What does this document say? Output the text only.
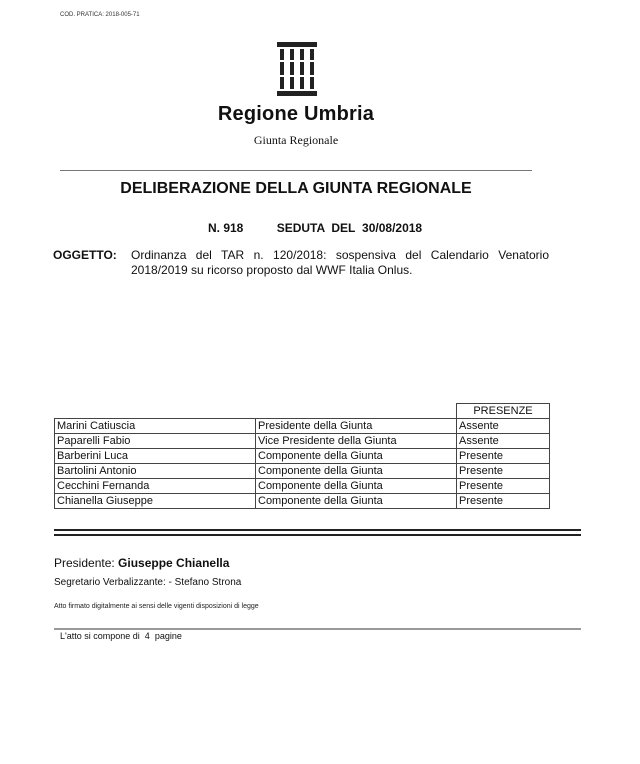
COD. PRATICA: 2018-005-71
Regione Umbria
Giunta Regionale
DELIBERAZIONE DELLA GIUNTA REGIONALE
N. 918	SEDUTA  DEL 30/08/2018
OGGETTO: Ordinanza del TAR n. 120/2018: sospensiva del Calendario Venatorio
2018/2019 su ricorso proposto dal WWF Italia Onlus.
		PRESENZE
Marini Catiuscia	Presidente della Giunta	Assente
Paparelli Fabio	Vice Presidente della Giunta	Assente
Barberini Luca	Componente della Giunta	Presente
Bartolini Antonio	Componente della Giunta	Presente
Cecchini Fernanda	Componente della Giunta	Presente
Chianella Giuseppe	Componente della Giunta	Presente
Presidente: Giuseppe Chianella
Segretario Verbalizzante: - Stefano Strona
Atto firmato digitalmente ai sensi delle vigenti disposizioni di legge
L'atto si compone di 4 pagine
